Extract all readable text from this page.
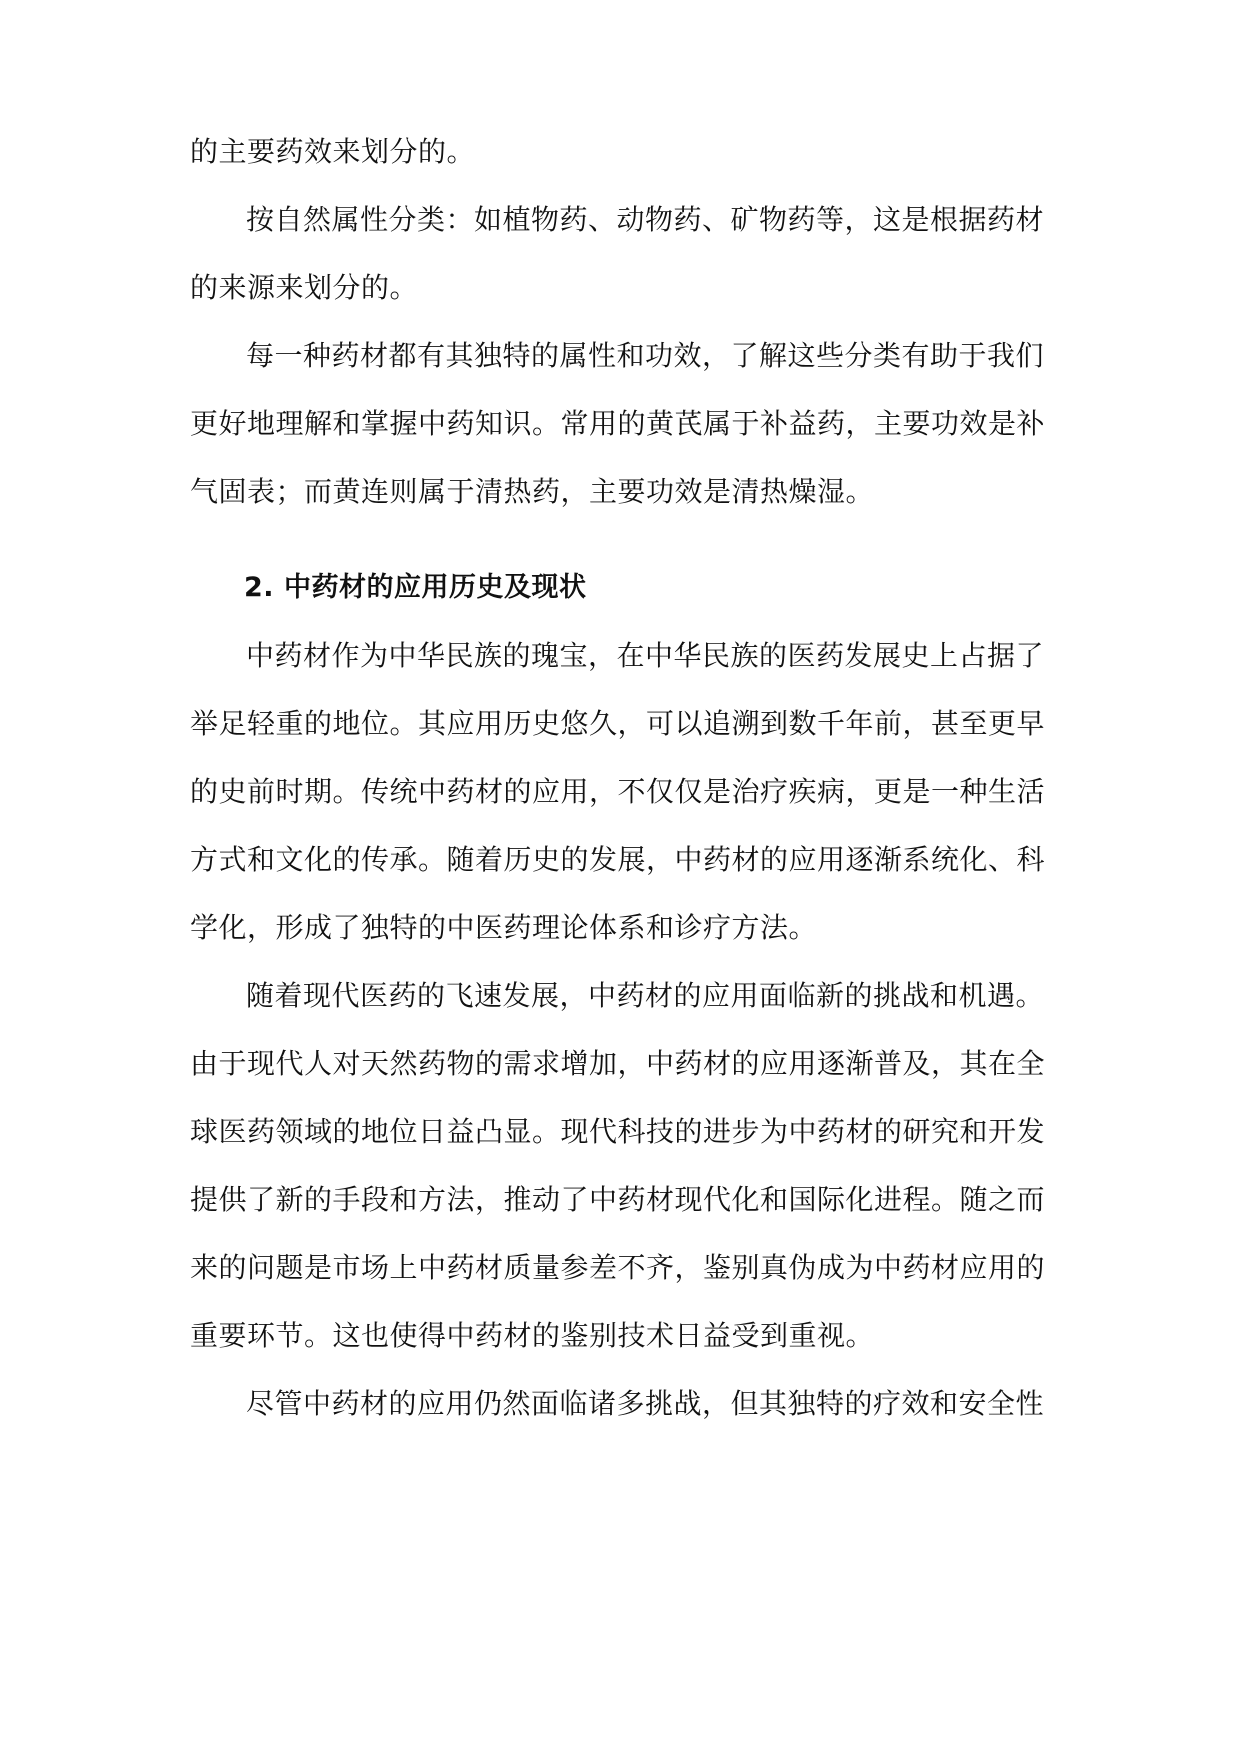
的主要药效来划分的。
按自然属性分类：如植物药、动物药、矿物药等，这是根据药材
的来源来划分的。
每一种药材都有其独特的属性和功效，了解这些分类有助于我们
更好地理解和掌握中药知识。常用的黄芪属于补益药，主要功效是补
气固表；而黄连则属于清热药，主要功效是清热燥湿。
2. 中药材的应用历史及现状
中药材作为中华民族的瑰宝，在中华民族的医药发展史上占据了
举足轻重的地位。其应用历史悠久，可以追溯到数千年前，甚至更早
的史前时期。传统中药材的应用，不仅仅是治疗疾病，更是一种生活
方式和文化的传承。随着历史的发展，中药材的应用逐渐系统化、科
学化，形成了独特的中医药理论体系和诊疗方法。
随着现代医药的飞速发展，中药材的应用面临新的挑战和机遇。
由于现代人对天然药物的需求增加，中药材的应用逐渐普及，其在全
球医药领域的地位日益凸显。现代科技的进步为中药材的研究和开发
提供了新的手段和方法，推动了中药材现代化和国际化进程。随之而
来的问题是市场上中药材质量参差不齐，鉴别真伪成为中药材应用的
重要环节。这也使得中药材的鉴别技术日益受到重视。
尽管中药材的应用仍然面临诸多挑战，但其独特的疗效和安全性
